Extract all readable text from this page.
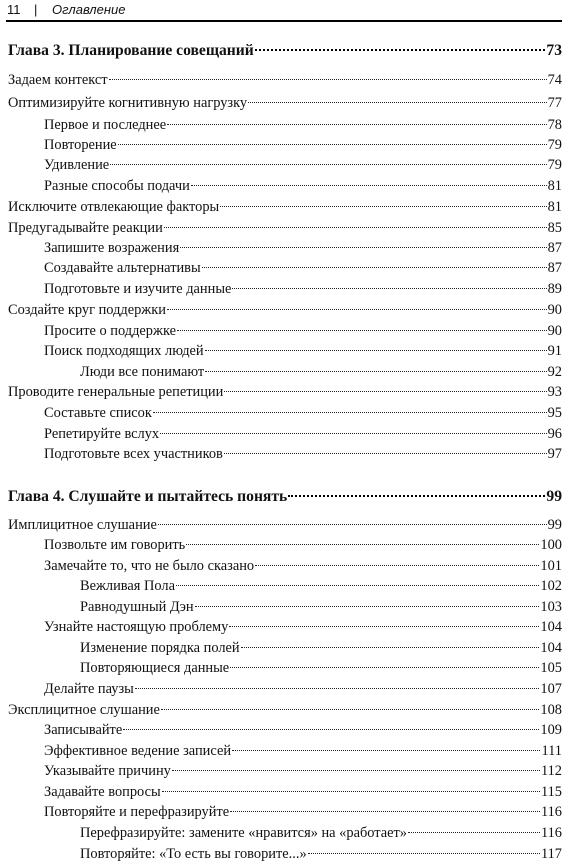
11 | Оглавление
Глава 3. Планирование совещаний	73
Задаем контекст	74
Оптимизируйте когнитивную нагрузку	77
Первое и последнее	78
Повторение	79
Удивление	79
Разные способы подачи	81
Исключите отвлекающие факторы	81
Предугадывайте реакции	85
Запишите возражения	87
Создавайте альтернативы	87
Подготовьте и изучите данные	89
Создайте круг поддержки	90
Просите о поддержке	90
Поиск подходящих людей	91
Люди все понимают	92
Проводите генеральные репетиции	93
Составьте список	95
Репетируйте вслух	96
Подготовьте всех участников	97
Глава 4. Слушайте и пытайтесь понять	99
Имплицитное слушание	99
Позвольте им говорить	100
Замечайте то, что не было сказано	101
Вежливая Пола	102
Равнодушный Дэн	103
Узнайте настоящую проблему	104
Изменение порядка полей	104
Повторяющиеся данные	105
Делайте паузы	107
Эксплицитное слушание	108
Записывайте	109
Эффективное ведение записей	111
Указывайте причину	112
Задавайте вопросы	115
Повторяйте и перефразируйте	116
Перефразируйте: замените «нравится» на «работает»	116
Повторяйте: «То есть вы говорите...»	117
